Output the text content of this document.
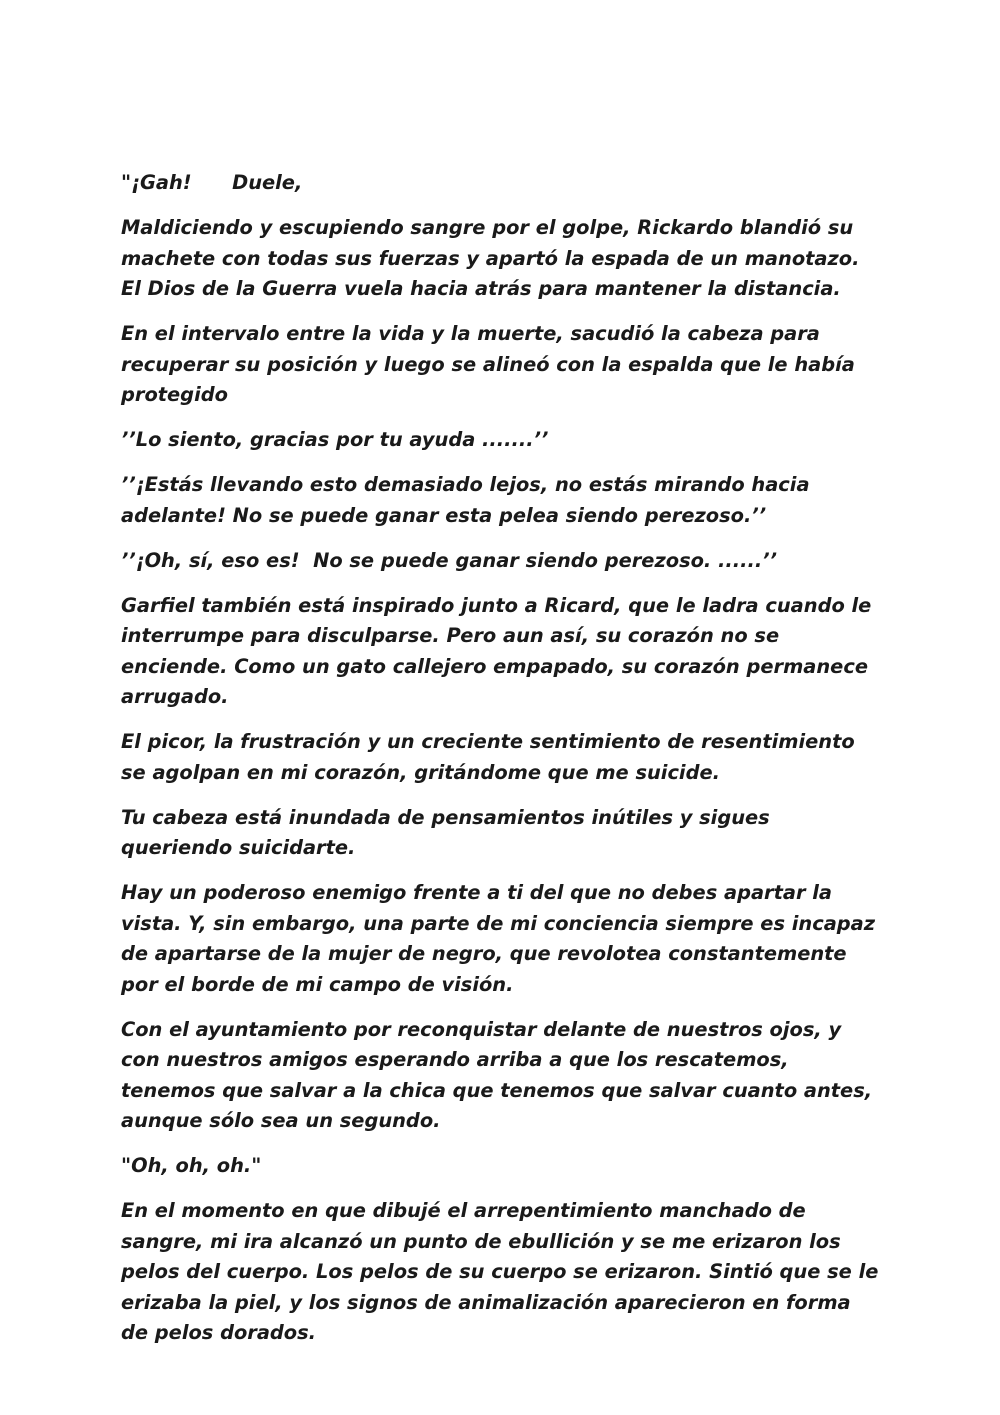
"¡Gah!      Duele,

Maldiciendo y escupiendo sangre por el golpe, Rickardo blandió su machete con todas sus fuerzas y apartó la espada de un manotazo. El Dios de la Guerra vuela hacia atrás para mantener la distancia.

En el intervalo entre la vida y la muerte, sacudió la cabeza para recuperar su posición y luego se alineó con la espalda que le había protegido

’’Lo siento, gracias por tu ayuda .......’’

’’¡Estás llevando esto demasiado lejos, no estás mirando hacia adelante! No se puede ganar esta pelea siendo perezoso.’’

’’¡Oh, sí, eso es!  No se puede ganar siendo perezoso. ......’’

Garfiel también está inspirado junto a Ricard, que le ladra cuando le interrumpe para disculparse. Pero aun así, su corazón no se enciende. Como un gato callejero empapado, su corazón permanece arrugado.

El picor, la frustración y un creciente sentimiento de resentimiento se agolpan en mi corazón, gritándome que me suicide.

Tu cabeza está inundada de pensamientos inútiles y sigues queriendo suicidarte.

Hay un poderoso enemigo frente a ti del que no debes apartar la vista. Y, sin embargo, una parte de mi conciencia siempre es incapaz de apartarse de la mujer de negro, que revolotea constantemente por el borde de mi campo de visión.

Con el ayuntamiento por reconquistar delante de nuestros ojos, y con nuestros amigos esperando arriba a que los rescatemos, tenemos que salvar a la chica que tenemos que salvar cuanto antes, aunque sólo sea un segundo.

"Oh, oh, oh."

En el momento en que dibujé el arrepentimiento manchado de sangre, mi ira alcanzó un punto de ebullición y se me erizaron los pelos del cuerpo. Los pelos de su cuerpo se erizaron. Sintió que se le erizaba la piel, y los signos de animalización aparecieron en forma de pelos dorados.
